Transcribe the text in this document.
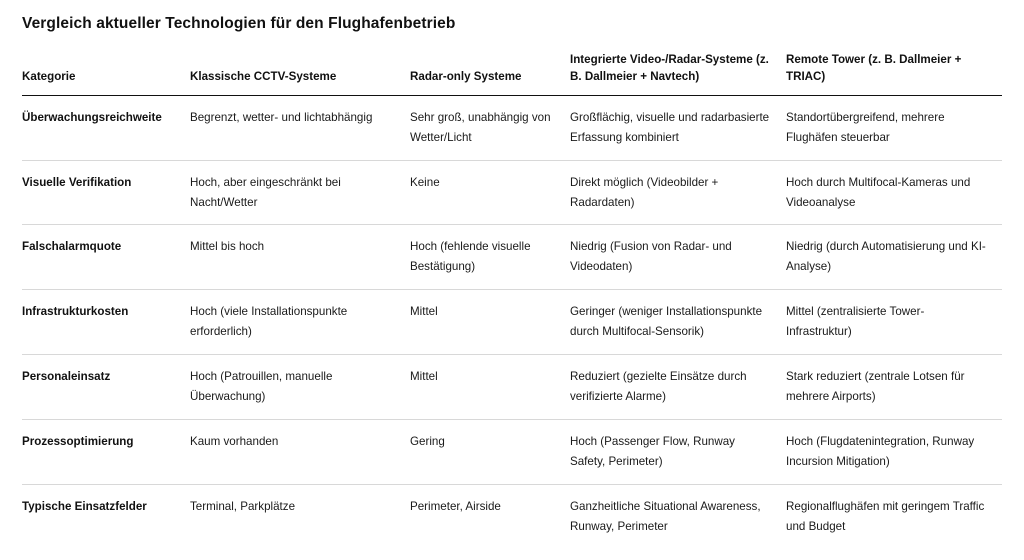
Vergleich aktueller Technologien für den Flughafenbetrieb
Kategorie	Klassische CCTV-Systeme	Radar-only Systeme	Integrierte Video-/Radar-Systeme (z. B. Dallmeier + Navtech)	Remote Tower (z. B. Dallmeier + TRIAC)
Überwachungsreichweite	Begrenzt, wetter- und lichtabhängig	Sehr groß, unabhängig von Wetter/Licht	Großflächig, visuelle und radarbasierte Erfassung kombiniert	Standortübergreifend, mehrere Flughäfen steuerbar
Visuelle Verifikation	Hoch, aber eingeschränkt bei Nacht/Wetter	Keine	Direkt möglich (Videobilder + Radardaten)	Hoch durch Multifocal-Kameras und Videoanalyse
Falschalarmquote	Mittel bis hoch	Hoch (fehlende visuelle Bestätigung)	Niedrig (Fusion von Radar- und Videodaten)	Niedrig (durch Automatisierung und KI-Analyse)
Infrastrukturkosten	Hoch (viele Installationspunkte erforderlich)	Mittel	Geringer (weniger Installationspunkte durch Multifocal-Sensorik)	Mittel (zentralisierte Tower-Infrastruktur)
Personaleinsatz	Hoch (Patrouillen, manuelle Überwachung)	Mittel	Reduziert (gezielte Einsätze durch verifizierte Alarme)	Stark reduziert (zentrale Lotsen für mehrere Airports)
Prozessoptimierung	Kaum vorhanden	Gering	Hoch (Passenger Flow, Runway Safety, Perimeter)	Hoch (Flugdatenintegration, Runway Incursion Mitigation)
Typische Einsatzfelder	Terminal, Parkplätze	Perimeter, Airside	Ganzheitliche Situational Awareness, Runway, Perimeter	Regionalflughäfen mit geringem Traffic und Budget
